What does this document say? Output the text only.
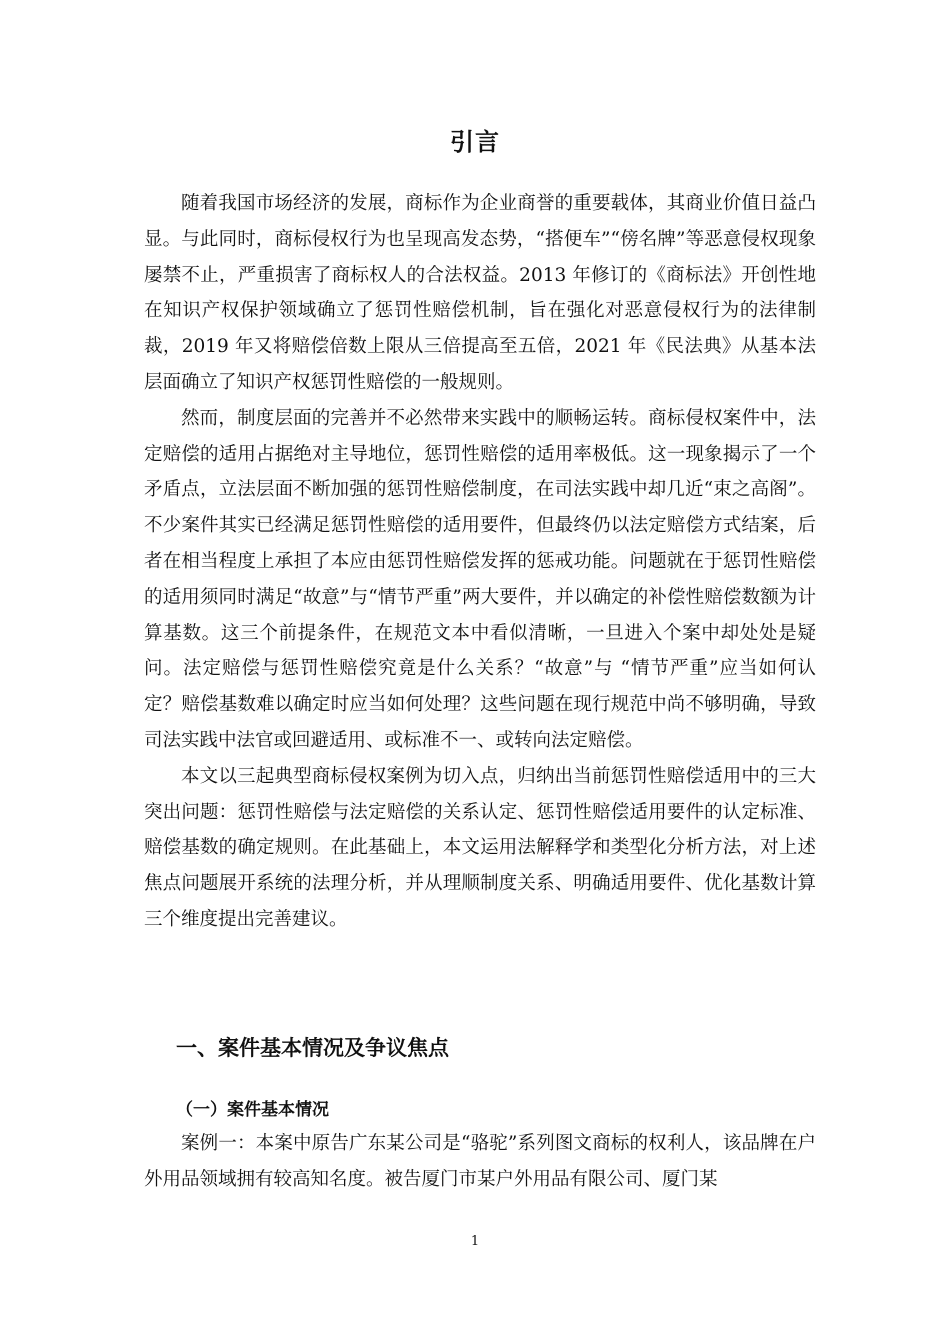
引言

随着我国市场经济的发展，商标作为企业商誉的重要载体，其商业价值日益凸显。与此同时，商标侵权行为也呈现高发态势，“搭便车”“傍名牌”等恶意侵权现象屡禁不止，严重损害了商标权人的合法权益。2013 年修订的《商标法》开创性地在知识产权保护领域确立了惩罚性赔偿机制，旨在强化对恶意侵权行为的法律制裁，2019 年又将赔偿倍数上限从三倍提高至五倍，2021 年《民法典》从基本法层面确立了知识产权惩罚性赔偿的一般规则。

然而，制度层面的完善并不必然带来实践中的顺畅运转。商标侵权案件中，法定赔偿的适用占据绝对主导地位，惩罚性赔偿的适用率极低。这一现象揭示了一个矛盾点，立法层面不断加强的惩罚性赔偿制度，在司法实践中却几近“束之高阁”。不少案件其实已经满足惩罚性赔偿的适用要件，但最终仍以法定赔偿方式结案，后者在相当程度上承担了本应由惩罚性赔偿发挥的惩戒功能。问题就在于惩罚性赔偿的适用须同时满足“故意”与“情节严重”两大要件，并以确定的补偿性赔偿数额为计算基数。这三个前提条件，在规范文本中看似清晰，一旦进入个案中却处处是疑问。法定赔偿与惩罚性赔偿究竟是什么关系？“故意”与 “情节严重”应当如何认定？赔偿基数难以确定时应当如何处理？这些问题在现行规范中尚不够明确，导致司法实践中法官或回避适用、或标准不一、或转向法定赔偿。

本文以三起典型商标侵权案例为切入点，归纳出当前惩罚性赔偿适用中的三大突出问题：惩罚性赔偿与法定赔偿的关系认定、惩罚性赔偿适用要件的认定标准、赔偿基数的确定规则。在此基础上，本文运用法解释学和类型化分析方法，对上述焦点问题展开系统的法理分析，并从理顺制度关系、明确适用要件、优化基数计算三个维度提出完善建议。

一、案件基本情况及争议焦点
（一）案件基本情况

案例一：本案中原告广东某公司是“骆驼”系列图文商标的权利人，该品牌在户外用品领域拥有较高知名度。被告厦门市某户外用品有限公司、厦门某

1
